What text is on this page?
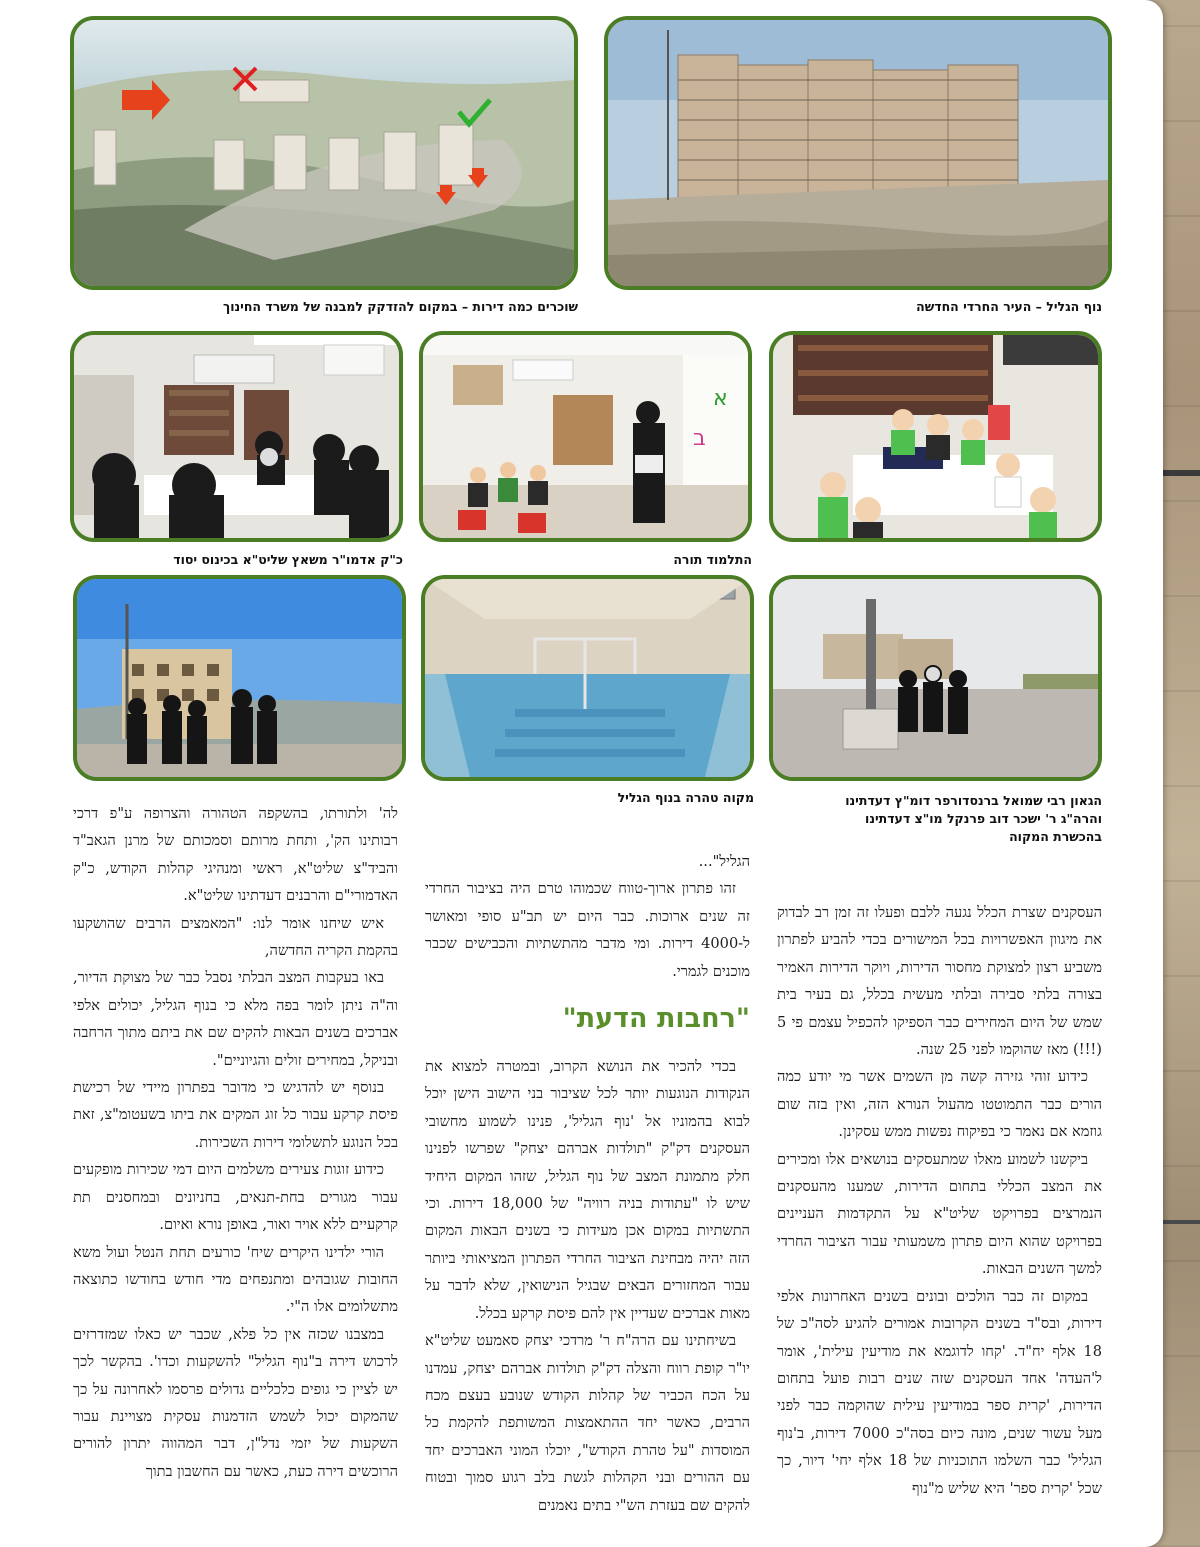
שוכרים כמה דירות – במקום להזדקק למבנה של משרד החינוך	נוף הגליל – העיר החרדי החדשה
א
ב
כ"ק אדמו"ר משאץ שליט"א בכינוס יסוד	התלמוד תורה
מקוה טהרה בנוף הגליל	הגאון רבי שמואל ברנסדורפר דומ"ץ דעדתינו
והרה"ג ר' ישכר דוב פרנקל מו"צ דעדתינו
בהכשרת המקוה

העסקנים שצרת הכלל נגעה ללבם ופעלו זה זמן רב לבדוק את מיגוון האפשרויות בכל המישורים בכדי להביע לפתרון משביע רצון למצוקת מחסור הדירות, ויוקר הדירות האמיר בצורה בלתי סבירה ובלתי מעשית בכלל, גם בעיר בית שמש של היום המחירים כבר הספיקו להכפיל עצמם פי 5 (!!!) מאז שהוקמו לפני 25 שנה.

כידוע זוהי גזירה קשה מן השמים אשר מי יודע כמה הורים כבר התמוטטו מהעול הנורא הזה, ואין בזה שום גוזמא אם נאמר כי בפיקוח נפשות ממש עסקינן.

ביקשנו לשמוע מאלו שמתעסקים בנושאים אלו ומכירים את המצב הכללי בתחום הדירות, שמענו מהעסקנים הנמרצים בפרויקט שליט"א על התקדמות העניינים בפרויקט שהוא היום פתרון משמעותי עבור הציבור החרדי למשך השנים הבאות.

במקום זה כבר הולכים ובונים בשנים האחרונות אלפי דירות, ובס"ד בשנים הקרובות אמורים להגיע לסה"כ של 18 אלף יח"ד. 'קחו לדוגמא את מודיעין עילית', אומר ל'העדה' אחד העסקנים שזה שנים רבות פועל בתחום הדירות, 'קרית ספר במודיעין עילית שהוקמה כבר לפני מעל עשור שנים, מונה כיום בסה"כ 7000 דירות, ב'נוף הגליל' כבר השלמו התוכניות של 18 אלף יחי' דיור, כך שכל 'קרית ספר' היא שליש מ"נוף

הגליל"...

זהו פתרון ארוך-טווח שכמוהו טרם היה בציבור החרדי זה שנים ארוכות. כבר היום יש תב"ע סופי ומאושר ל-4000 דירות. ומי מדבר מהתשתיות והכבישים שכבר מוכנים לגמרי.

"רחבות הדעת"

בכדי להכיר את הנושא הקרוב, ובמטרה למצוא את הנקודות הנוגעות יותר לכל שציבור בני הישוב הישן יוכל לבוא בהמוניו אל 'נוף הגליל', פנינו לשמוע מחשובי העסקנים דק"ק "תולדות אברהם יצחק" שפרשו לפנינו חלק מתמונת המצב של נוף הגליל, שזהו המקום היחיד שיש לו "עתודות בניה רוויה" של 18,000 דירות. וכי התשתיות במקום אכן מעידות כי בשנים הבאות המקום הזה יהיה מבחינת הציבור החרדי הפתרון המציאותי ביותר עבור המחזורים הבאים שבגיל הנישואין, שלא לדבר על מאות אברכים שעדיין אין להם פיסת קרקע בכלל.

בשיחתינו עם הרה"ח ר' מרדכי יצחק סאמעט שליט"א יו"ר קופת רווח והצלה דק"ק תולדות אברהם יצחק, עמדנו על הכח הכביר של קהלות הקודש שנובע בעצם מכח הרבים, כאשר יחד ההתאמצות המשותפת להקמת כל המוסדות "על טהרת הקודש", יוכלו המוני האברכים יחד עם ההורים ובני הקהלות לגשת בלב רגוע סמוך ובטוח להקים שם בעזרת הש"י בתים נאמנים

לה' ולתורתו, בהשקפה הטהורה והצרופה ע"פ דרכי רבותינו הק', ותחת מרותם וסמכותם של מרנן הגאב"ד והביד"צ שליט"א, ראשי ומנהיגי קהלות הקודש, כ"ק האדמורי"ם והרבנים דעדתינו שליט"א.

איש שיחנו אומר לנו: "המאמצים הרבים שהושקעו בהקמת הקריה החדשה,

באו בעקבות המצב הבלתי נסבל כבר של מצוקת הדיור, וה"ה ניתן לומר בפה מלא כי בנוף הגליל, יכולים אלפי אברכים בשנים הבאות להקים שם את ביתם מתוך הרחבה ובניקל, במחירים זולים והגיוניים".

בנוסף יש להדגיש כי מדובר בפתרון מיידי של רכישת פיסת קרקע עבור כל זוג המקים את ביתו בשעטומ"צ, זאת בכל הנוגע לתשלומי דירות השכירות.

כידוע זוגות צעירים משלמים היום דמי שכירות מופקעים עבור מגורים בחת-תנאים, בחניונים ובמחסנים תת קרקעיים ללא אויר ואור, באופן נורא ואיום.

הורי ילדינו היקרים שיח' כורעים תחת הנטל ועול משא החובות שגובהים ומתנפחים מדי חודש בחודשו כתוצאה מתשלומים אלו ה"י.

במצבנו שכזה אין כל פלא, שכבר יש כאלו שמזדרזים לרכוש דירה ב"נוף הגליל" להשקעות וכדו'. בהקשר לכך יש לציין כי גופים כלכליים גדולים פרסמו לאחרונה על כך שהמקום יכול לשמש הזדמנות עסקית מצויינת עבור השקעות של יזמי נדל"ן, דבר המהווה יתרון להורים הרוכשים דירה כעת, כאשר עם החשבון בתוך
